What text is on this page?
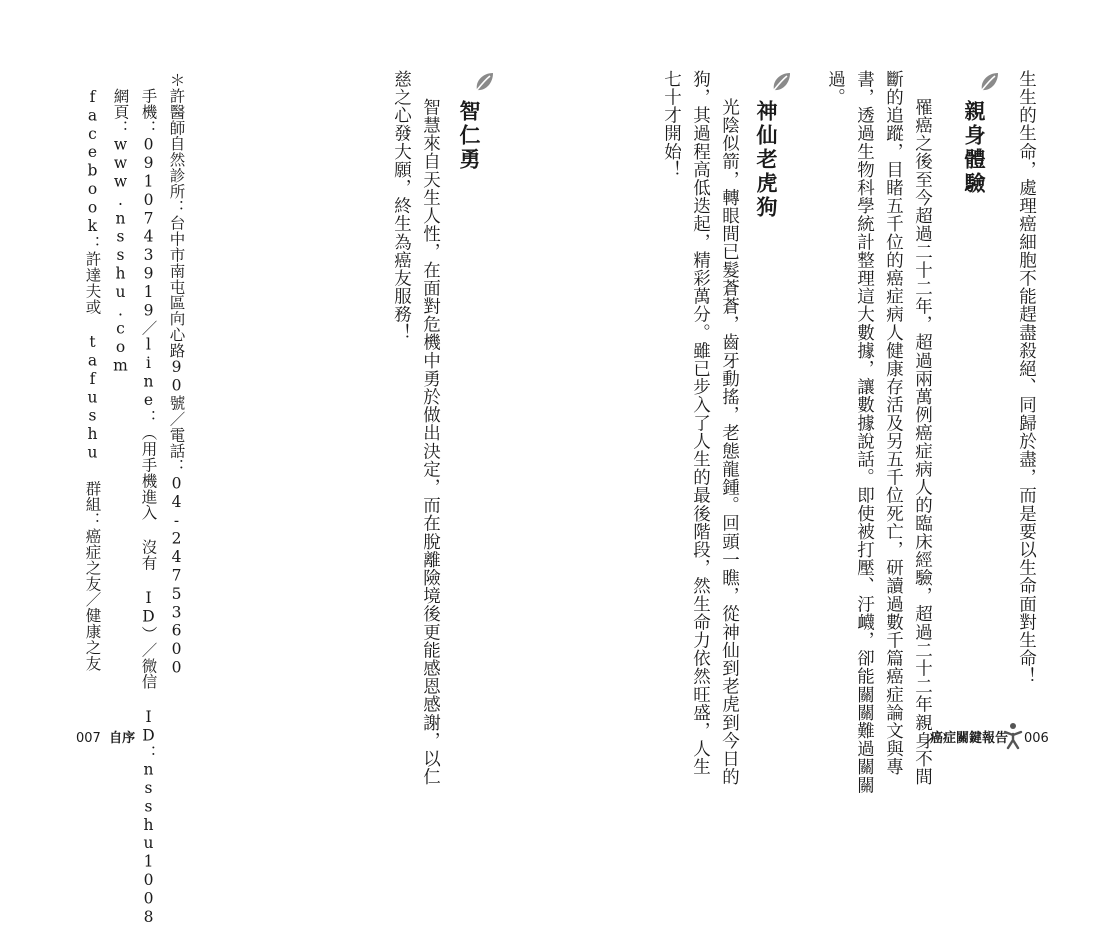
生生的生命，處理癌細胞不能趕盡殺絕、同歸於盡，而是要以生命面對生命！
親身體驗
罹癌之後至今超過二十二年，超過兩萬例癌症病人的臨床經驗，超過二十二年親身不間
斷的追蹤，目睹五千位的癌症病人健康存活及另五千位死亡，研讀過數千篇癌症論文與專
書，透過生物科學統計整理這大數據，讓數據說話。即使被打壓、汙衊，卻能關關難過關關
過。
神仙老虎狗
光陰似箭，轉眼間已髮蒼蒼，齒牙動搖，老態龍鍾。回頭一瞧，從神仙到老虎到今日的
狗，其過程高低迭起，精彩萬分。雖已步入了人生的最後階段，然生命力依然旺盛，人生
七十才開始！
癌症關鍵報告 006
智仁勇
智慧來自天生人性，在面對危機中勇於做出決定，而在脫離險境後更能感恩感謝，以仁
慈之心發大願，終生為癌友服務！
＊許醫師自然診所：台中市南屯區向心路90號／電話：04-24753600
手機：0910743919／line：（用手機進入 沒有 ID）／微信 ID：nsshu1008
網頁：www.nsshu.com
facebook：許達夫或 tafushu 群組：癌症之友／健康之友
007 自序
